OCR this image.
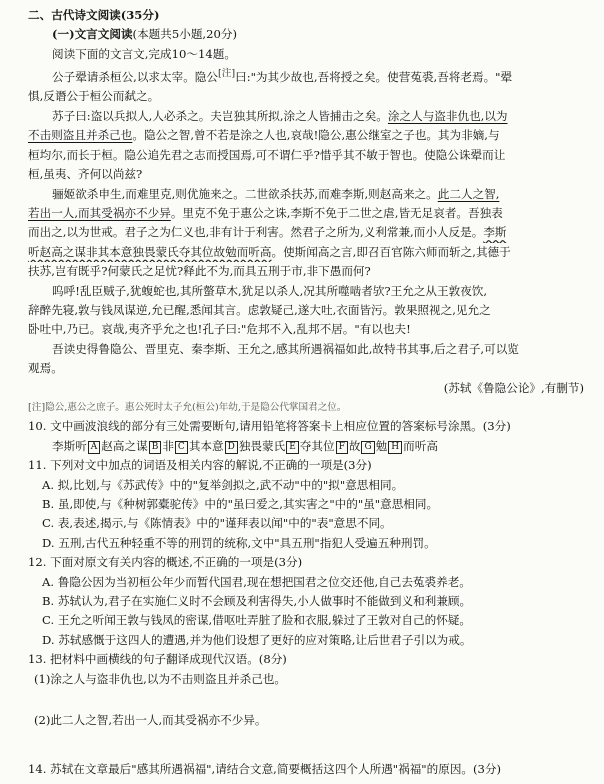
二、古代诗文阅读(35分)
(一)文言文阅读(本题共5小题,20分)
阅读下面的文言文,完成10～14题。
公子翚请杀桓公,以求太宰。隐公[注]曰:"为其少故也,吾将授之矣。使营菟裘,吾将老焉。"翚
惧,反谮公于桓公而弑之。
苏子曰:盗以兵拟人,人必杀之。夫岂独其所拟,涂之人皆捕击之矣。涂之人与盗非仇也,以为
不击则盗且并杀己也。隐公之智,曾不若是涂之人也,哀哉!隐公,惠公继室之子也。其为非嫡,与
桓均尔,而长于桓。隐公追先君之志而授国焉,可不谓仁乎?惜乎其不敏于智也。使隐公诛翚而让
桓,虽夷、齐何以尚兹?
骊姬欲杀申生,而难里克,则优施来之。二世欲杀扶苏,而难李斯,则赵高来之。此二人之智,
若出一人,而其受祸亦不少异。里克不免于惠公之诛,李斯不免于二世之虐,皆无足哀者。吾独表
而出之,以为世戒。君子之为仁义也,非有计于利害。然君子之所为,义利常兼,而小人反是。李斯
听赵高之谋非其本意独畏蒙氏夺其位故勉而听高。使斯闻高之言,即召百官陈六师而斩之,其德于
扶苏,岂有既乎?何蒙氏之足忧?释此不为,而具五刑于市,非下愚而何?
呜呼!乱臣贼子,犹蝮蛇也,其所螫草木,犹足以杀人,况其所噬啮者欤?王允之从王敦夜饮,
辞醉先寝,敦与钱凤谋逆,允已醒,悉闻其言。虑敦疑己,遂大吐,衣面皆污。敦果照视之,见允之
卧吐中,乃已。哀哉,夷齐乎允之也!孔子曰:"危邦不入,乱邦不居。"有以也夫!
吾读史得鲁隐公、晋里克、秦李斯、王允之,感其所遇祸福如此,故特书其事,后之君子,可以览
观焉。
(苏轼《鲁隐公论》,有删节)
[注]隐公,惠公之庶子。惠公死时太子允(桓公)年幼,于是隐公代掌国君之位。
10. 文中画波浪线的部分有三处需要断句,请用铅笔将答案卡上相应位置的答案标号涂黑。(3分)
李斯听 A 赵高之谋 B 非 C 其本意 D 独畏蒙氏 E 夺其位 F 故 G 勉 H 而听高
11. 下列对文中加点的词语及相关内容的解说,不正确的一项是(3分)
A. 拟,比划,与《苏武传》中的"复举剑拟之,武不动"中的"拟"意思相同。
B. 虽,即使,与《种树郭橐驼传》中的"虽曰爱之,其实害之"中的"虽"意思相同。
C. 表,表述,揭示,与《陈情表》中的"谨拜表以闻"中的"表"意思不同。
D. 五刑,古代五种轻重不等的刑罚的统称,文中"具五刑"指犯人受遍五种刑罚。
12. 下面对原文有关内容的概述,不正确的一项是(3分)
A. 鲁隐公因为当初桓公年少而暂代国君,现在想把国君之位交还他,自己去菟裘养老。
B. 苏轼认为,君子在实施仁义时不会顾及利害得失,小人做事时不能做到义和利兼顾。
C. 王允之听闻王敦与钱凤的密谋,借呕吐弄脏了脸和衣服,躲过了王敦对自己的怀疑。
D. 苏轼感慨于这四人的遭遇,并为他们设想了更好的应对策略,让后世君子引以为戒。
13. 把材料中画横线的句子翻译成现代汉语。(8分)
(1)涂之人与盗非仇也,以为不击则盗且并杀己也。
(2)此二人之智,若出一人,而其受祸亦不少异。
14. 苏轼在文章最后"感其所遇祸福",请结合文意,简要概括这四个人所遇"祸福"的原因。(3分)
